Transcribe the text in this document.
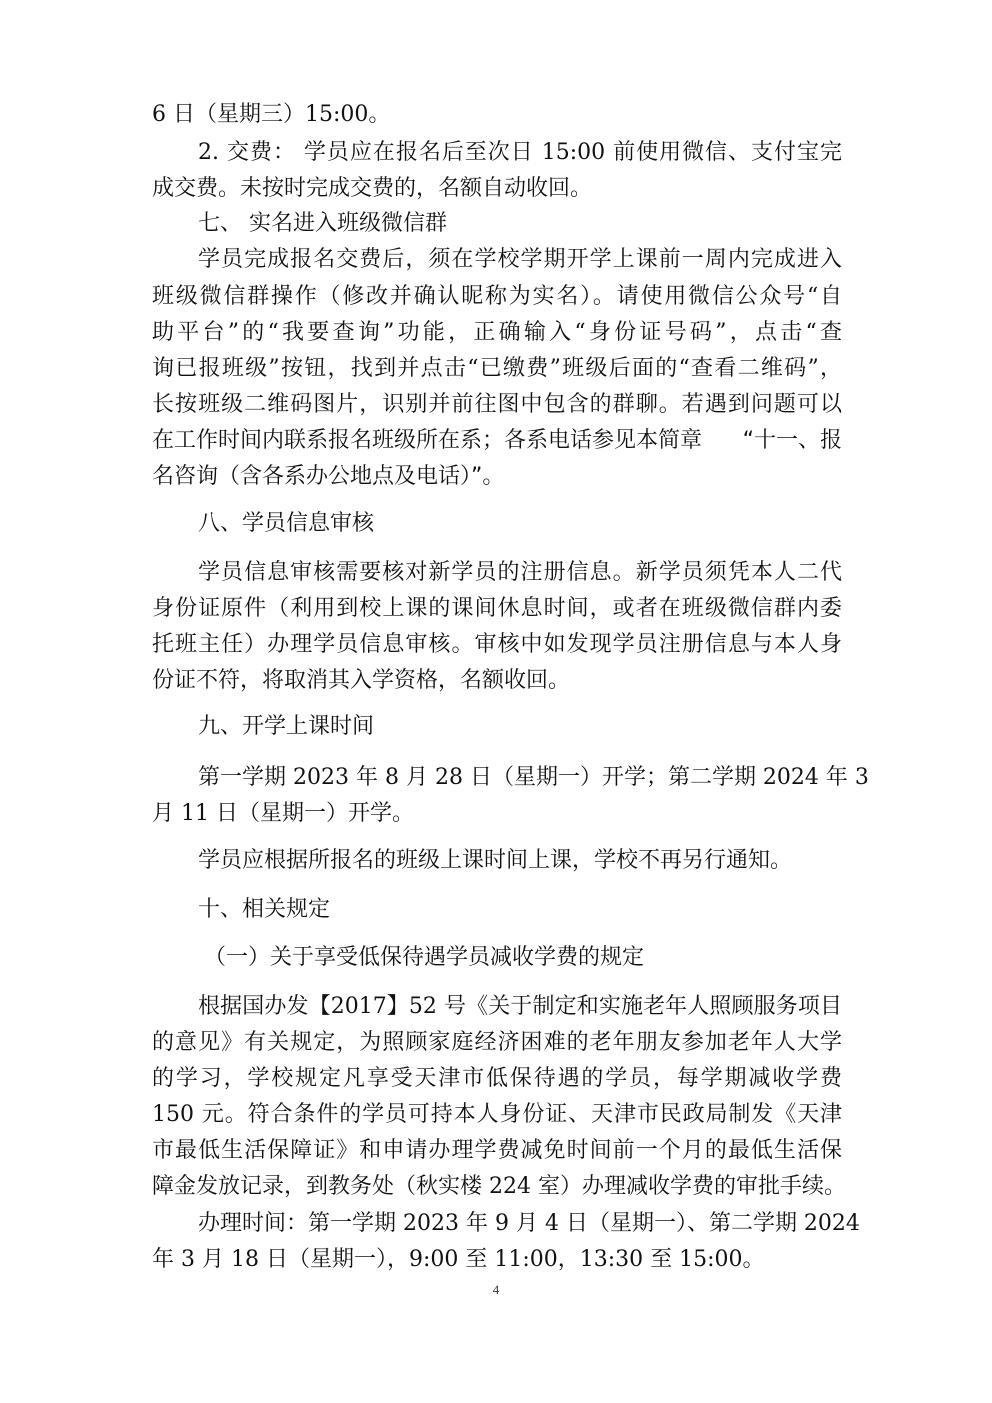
6 日（星期三）15:00。
2. 交费： 学员应在报名后至次日 15:00 前使用微信、支付宝完
成交费。未按时完成交费的，名额自动收回。
七、 实名进入班级微信群
学员完成报名交费后，须在学校学期开学上课前一周内完成进入
班级微信群操作（修改并确认昵称为实名）。请使用微信公众号“自
助平台”的“我要查询”功能，正确输入“身份证号码”，点击“查
询已报班级”按钮，找到并点击“已缴费”班级后面的“查看二维码”，
长按班级二维码图片，识别并前往图中包含的群聊。若遇到问题可以
在工作时间内联系报名班级所在系；各系电话参见本简章 “十一、报
名咨询（含各系办公地点及电话）”。
八、学员信息审核
学员信息审核需要核对新学员的注册信息。新学员须凭本人二代
身份证原件（利用到校上课的课间休息时间，或者在班级微信群内委
托班主任）办理学员信息审核。审核中如发现学员注册信息与本人身
份证不符，将取消其入学资格，名额收回。
九、开学上课时间
第一学期 2023 年 8 月 28 日（星期一）开学；第二学期 2024 年 3
月 11 日（星期一）开学。
学员应根据所报名的班级上课时间上课，学校不再另行通知。
十、相关规定
（一）关于享受低保待遇学员减收学费的规定
根据国办发【2017】52 号《关于制定和实施老年人照顾服务项目
的意见》有关规定，为照顾家庭经济困难的老年朋友参加老年人大学
的学习，学校规定凡享受天津市低保待遇的学员，每学期减收学费
150 元。符合条件的学员可持本人身份证、天津市民政局制发《天津
市最低生活保障证》和申请办理学费减免时间前一个月的最低生活保
障金发放记录，到教务处（秋实楼 224 室）办理减收学费的审批手续。
办理时间：第一学期 2023 年 9 月 4 日（星期一）、第二学期 2024
年 3 月 18 日（星期一），9:00 至 11:00，13:30 至 15:00。
4
